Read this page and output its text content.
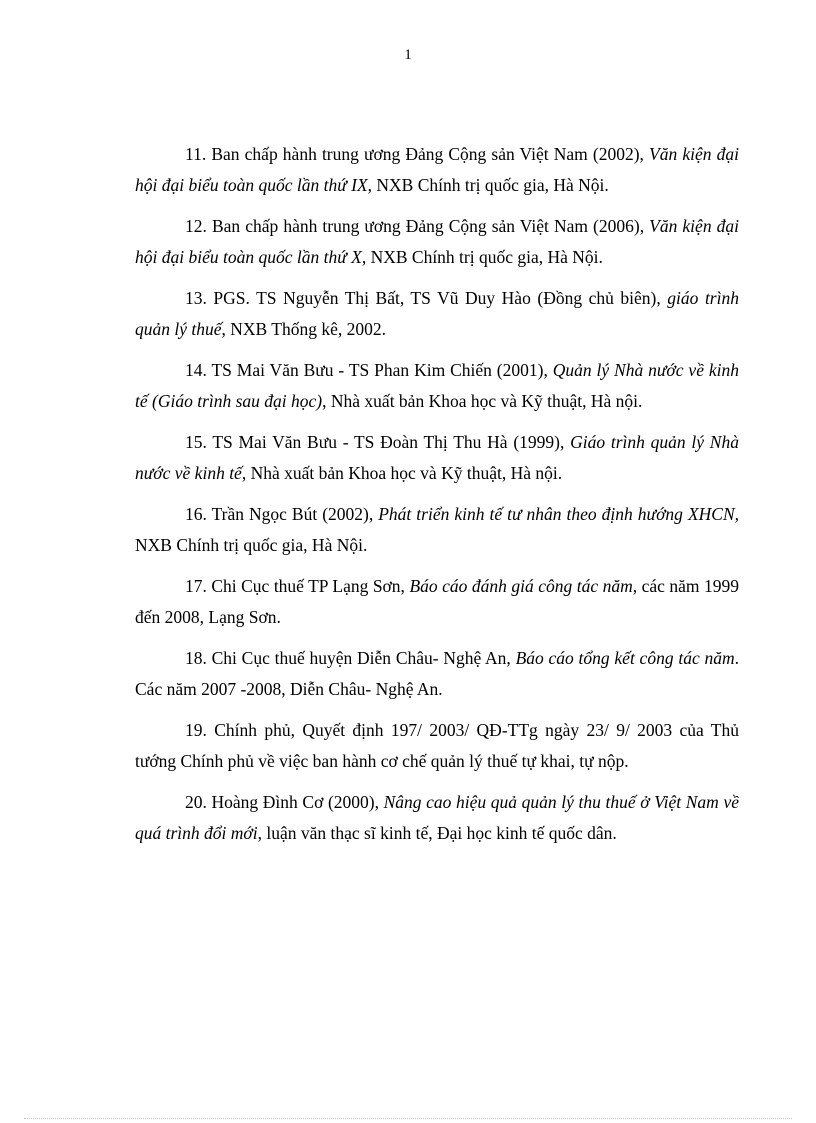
1

11. Ban chấp hành trung ương Đảng Cộng sản Việt Nam (2002), Văn kiện đại hội đại biểu toàn quốc lần thứ IX, NXB Chính trị quốc gia, Hà Nội.

12. Ban chấp hành trung ương Đảng Cộng sản Việt Nam (2006), Văn kiện đại hội đại biểu toàn quốc lần thứ X, NXB Chính trị quốc gia, Hà Nội.

13. PGS. TS Nguyễn Thị Bất, TS Vũ Duy Hào (Đồng chủ biên), giáo trình quản lý thuế, NXB Thống kê, 2002.

14. TS Mai Văn Bưu - TS Phan Kim Chiến (2001), Quản lý Nhà nước về kinh tế (Giáo trình sau đại học), Nhà xuất bản Khoa học và Kỹ thuật, Hà nội.

15. TS Mai Văn Bưu - TS Đoàn Thị Thu Hà (1999), Giáo trình quản lý Nhà nước về kinh tế, Nhà xuất bản Khoa học và Kỹ thuật, Hà nội.

16. Trần Ngọc Bút (2002), Phát triển kinh tế tư nhân theo định hướng XHCN, NXB Chính trị quốc gia, Hà Nội.

17. Chi Cục thuế TP Lạng Sơn, Báo cáo đánh giá công tác năm, các năm 1999 đến 2008, Lạng Sơn.

18. Chi Cục thuế huyện Diễn Châu- Nghệ An, Báo cáo tổng kết công tác năm. Các năm 2007 -2008, Diễn Châu- Nghệ An.

19. Chính phủ, Quyết định 197/ 2003/ QĐ-TTg ngày 23/ 9/ 2003 của Thủ tướng Chính phủ về việc ban hành cơ chế quản lý thuế tự khai, tự nộp.

20. Hoàng Đình Cơ (2000), Nâng cao hiệu quả quản lý thu thuế ở Việt Nam về quá trình đổi mới, luận văn thạc sĩ kinh tế, Đại học kinh tế quốc dân.
